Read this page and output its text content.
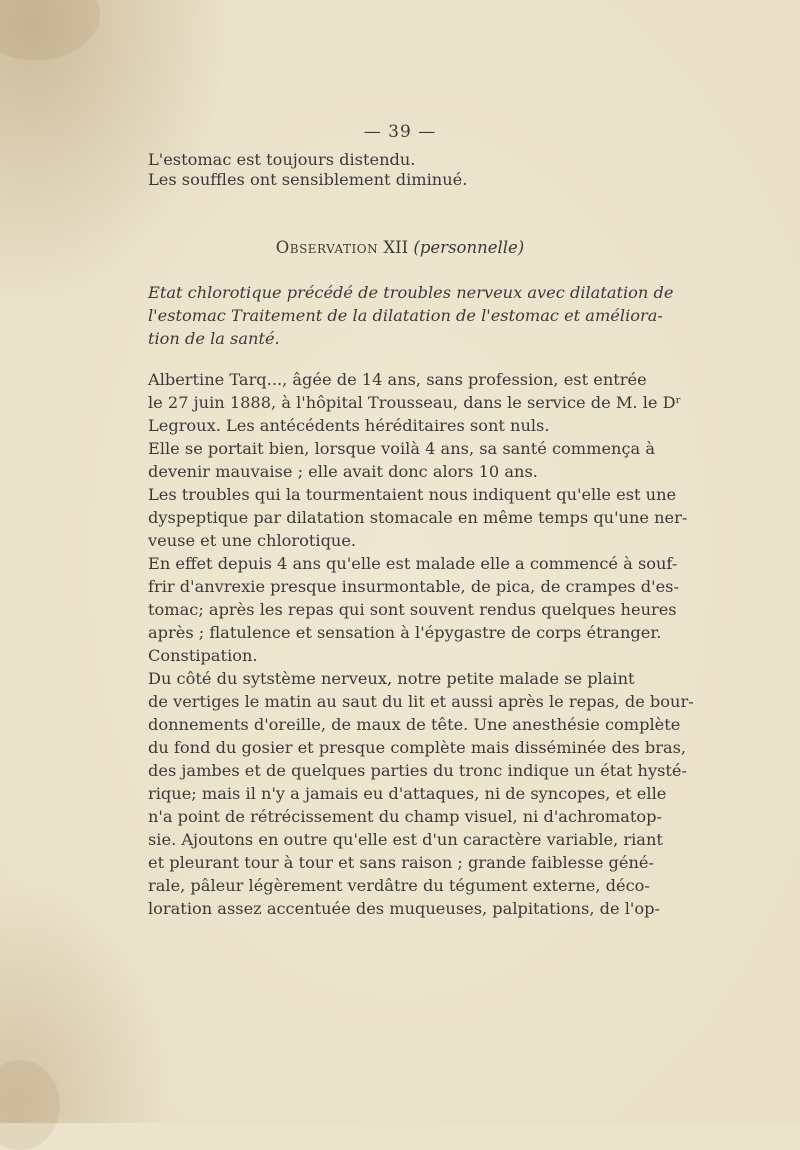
— 39 —
L'estomac est toujours distendu.
Les souffles ont sensiblement diminué.
Observation XII (personnelle)
Etat chlorotique précédé de troubles nerveux avec dilatation de
l'estomac Traitement de la dilatation de l'estomac et améliora-
tion de la santé.
Albertine Tarq..., âgée de 14 ans, sans profession, est entrée
le 27 juin 1888, à l'hôpital Trousseau, dans le service de M. le Dʳ
Legroux. Les antécédents héréditaires sont nuls.
Elle se portait bien, lorsque voilà 4 ans, sa santé commença à
devenir mauvaise ; elle avait donc alors 10 ans.
Les troubles qui la tourmentaient nous indiquent qu'elle est une
dyspeptique par dilatation stomacale en même temps qu'une ner-
veuse et une chlorotique.
En effet depuis 4 ans qu'elle est malade elle a commencé à souf-
frir d'anvrexie presque insurmontable, de pica, de crampes d'es-
tomac; après les repas qui sont souvent rendus quelques heures
après ; flatulence et sensation à l'épygastre de corps étranger.
Constipation.
Du côté du sytstème nerveux, notre petite malade se plaint
de vertiges le matin au saut du lit et aussi après le repas, de bour-
donnements d'oreille, de maux de tête. Une anesthésie complète
du fond du gosier et presque complète mais disséminée des bras,
des jambes et de quelques parties du tronc indique un état hysté-
rique; mais il n'y a jamais eu d'attaques, ni de syncopes, et elle
n'a point de rétrécissement du champ visuel, ni d'achromatop-
sie. Ajoutons en outre qu'elle est d'un caractère variable, riant
et pleurant tour à tour et sans raison ; grande faiblesse géné-
rale, pâleur légèrement verdâtre du tégument externe, déco-
loration assez accentuée des muqueuses, palpitations, de l'op-
